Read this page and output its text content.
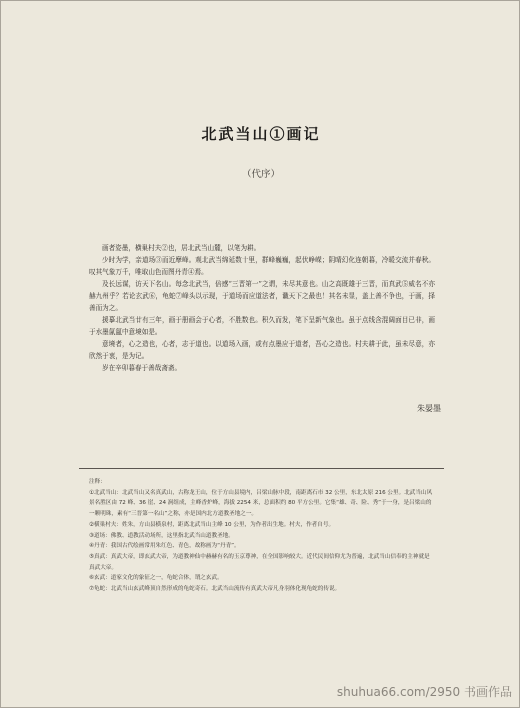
北武当山①画记
（代序）

画者姿墨，横巢村夫②也，居北武当山麓，以笔为耕。

少时为学，亲道场③而近摩峰。观北武当绵延数十里，群峰巍巍，起伏峥嵘；阴晴幻化连朝暮，冷暖交流并春秋。叹其气象万千，唯取山色而图丹青④焉。

及长远谋，访天下名山。每念北武当，倍感“三晋第一”之谓，未尽其意也。山之高既雄于三晋，而真武⑤威名不亦赫九州乎？若论玄武⑥，龟蛇⑦峰头以示现，于道场而应道法者，谶天下之最也！其名未显，盖上善不争也，于画，择善而为之。

援摹北武当廿有三年，画于册画会于心者，不胜数也。积久而发，笔下呈新气象也。虽于点线含混阔面目已非，画于水墨氤氲中意境如是。

意境者，心之造也，心者，志于道也。以道场入画，或有点墨应于道者，吾心之造也。村夫耕于此，虽未尽意，亦欣然于衷，是为记。

岁在辛卯暮春于善哉斋斋。

朱晏墨

注释：

①北武当山：北武当山又名真武山，古称龙王山，位于方山县境内，吕梁山脉中段，南距离石市 32 公里，东北太原 216 公里。北武当山风景名胜区由 72 峰、36 崖、24 涧组成，主峰香炉峰，海拔 2254 米，总面积约 80 平方公里。它集“雄、奇、险、秀”于一身，是吕梁山的一颗明珠，素有“三晋第一名山”之称，亦是国内北方道教圣地之一。

②横巢村夫：姓朱，方山县横泉村，距离北武当山主峰 10 公里，为作者出生地。村夫，作者自号。

③道场：佛教、道教活动场所，这里指北武当山道教圣地。

④丹青：我国古代绘画常用朱红色、青色，故称画为“丹青”。

⑤真武：真武大帝，即玄武大帝，为道教神仙中赫赫有名的玉京尊神，在全国影响较大。近代民间信仰尤为普遍，北武当山信奉的主神就是真武大帝。

⑥玄武：道家文化的象征之一，龟蛇合体，谓之玄武。

⑦龟蛇：北武当山玄武峰顶自然形成的龟蛇奇石。北武当山流传有真武大帝凡身羽体化现龟蛇的传说。

shuhua66.com/2950 书画作品
